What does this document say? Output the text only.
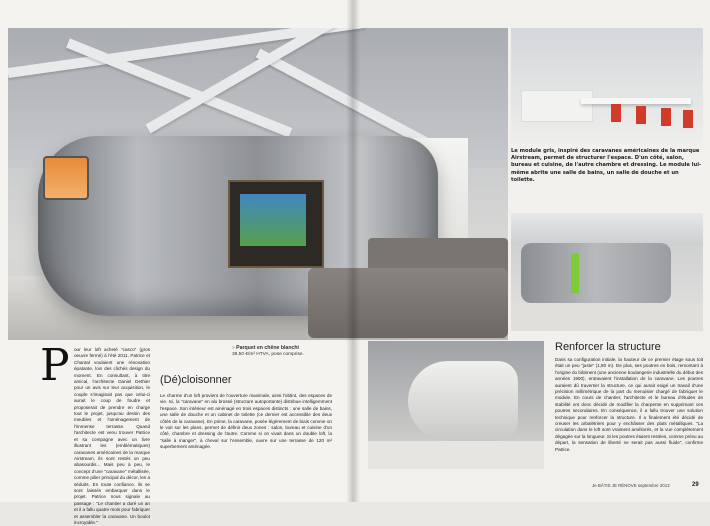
Le module gris, inspiré des caravanes américaines de la marque Airstream, permet de structurer l'espace. D'un côté, salon, bureau et cuisine, de l'autre chambre et dressing. Le module lui-même abrite une salle de bains, un salle de douche et un toilette.
> Parquet en chêne blanchi
38,50 €/m² HTVA, pose comprise.
P our leur loft acheté "casco" (gros oeuvre fermé) à l'été 2011, Patrice et Chantal voulaient une rénovation épatante, loin des clichés design du moment. En consultant, à titre amical, l'architecte Daniel Dethier pour un avis sur leur acquisition, le couple s'imaginait pas que celui-ci aurait le coup de foudre et proposerait de prendre en charge tout le projet, jusqu'au dessin des meubles et l'aménagement de l'immense terrasse. Quand l'architecte est venu trouver Patrice et sa compagne avec un livre illustrant les (emblématiques) caravanes américaines de la marque Airstream, ils sont restés un peu abasourdis... Mais peu à peu, le concept d'une "caravane" métallisée, comme pilier principal du décor, les a séduits. En toute confiance, ils se sont laissés embarquer dans le projet. Patrice nous signale au passage : "Le chantier a duré un an et il a fallu quatre mois pour fabriquer et assembler la caravane. Un boulot incroyable."
(Dé)cloisonner
Le charme d'un loft provient de l'ouverture maximale, ainsi l'obtint, des espaces de vie. Ici, la "caravane" en alu brossé (structure autoportante) distribue intelligemment l'espace. Son intérieur est aménagé en trois espaces distincts : une salle de bains, une salle de douche et un cabinet de toilette (ce dernier est accessible des deux côtés de la caravane). En prime, la caravane, posée légèrement de biais comme on le voit sur les plans, permet de définir deux zones : salon, bureau et cuisine d'un côté, chambre et dressing de l'autre. Comme si on vivait dans un double loft, la "salle à manger", à cheval sur l'ensemble, ouvre sur une terrasse de 120 m² superbement aménagée.
Renforcer la structure
Dans sa configuration initiale, la hauteur de ce premier étage sous toit était un peu "juste" (1,80 m). De plus, ses poutres en bois, remontant à l'origine du bâtiment (une ancienne boulangerie industrielle du début des années 1900), entravaient l'installation de la caravane. Les poutres auraient dû traverser la structure, ce qui aurait exigé un travail d'une précision millimétrique de la part du menuisier chargé de fabriquer le module. En cours de chantier, l'architecte et le bureau d'études de stabilité ont donc décidé de modifier la charpente en supprimant ces poutres secondaires. En conséquence, il a fallu trouver une solution technique pour renforcer la structure. Il a finalement été décidé de creuser les arbalétriers pour y enchâsser des plats métalliques. "La circulation dans le loft sont vraiment améliorés, et la vue complètement dégagée sur la longueur. Si les poutres étaient restées, comme prévu au départ, la sensation de liberté ne serait pas aussi fluide", confirme Patrice.
Je BÂTIS JE RÉNOVE septembre 2013	29
